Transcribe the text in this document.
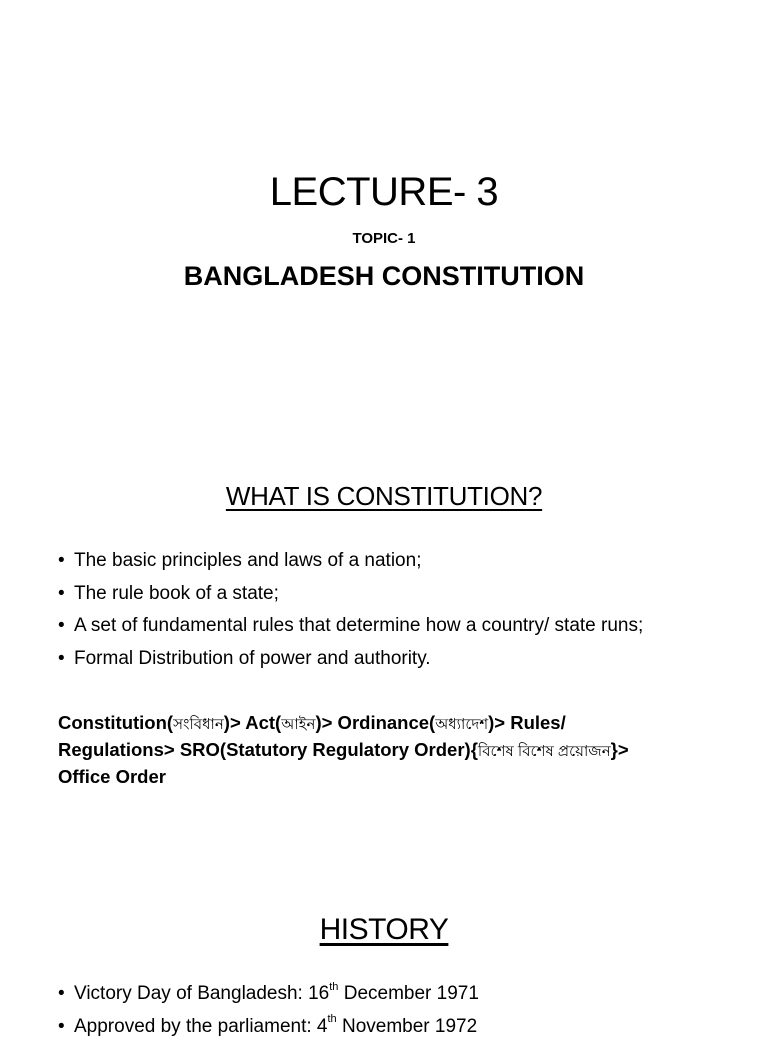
LECTURE- 3
TOPIC- 1
BANGLADESH CONSTITUTION
WHAT IS CONSTITUTION?
• The basic principles and laws of a nation;
• The rule book of a state;
• A set of fundamental rules that determine how a country/ state runs;
• Formal Distribution of power and authority.
Constitution(সংবিধান)> Act(আইন)> Ordinance(অধ্যাদেশ)> Rules/
Regulations> SRO(Statutory Regulatory Order){বিশেষ বিশেষ প্রয়োজন}>
Office Order
HISTORY
• Victory Day of Bangladesh: 16th December 1971
• Approved by the parliament: 4th November 1972
